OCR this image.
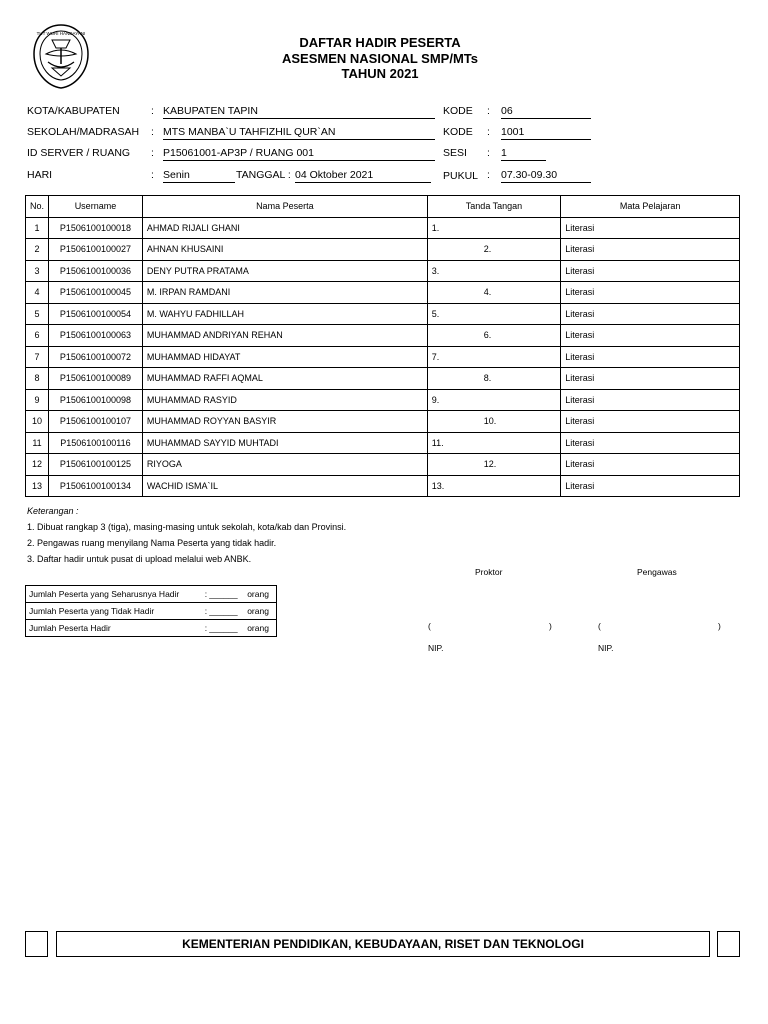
TUT WURI HANDAYANI
DAFTAR HADIR PESERTA
ASESMEN NASIONAL SMP/MTs
TAHUN 2021
KOTA/KABUPATEN	: KABUPATEN TAPIN	KODE : 06
SEKOLAH/MADRASAH : MTS MANBA`U TAHFIZHIL QUR`AN	KODE : 1001
ID SERVER / RUANG : P15061001-AP3P / RUANG 001	SESI : 1
HARI	: Senin	TANGGAL : 04 Oktober 2021	PUKUL : 07.30-09.30
No.	Username	Nama Peserta	Tanda Tangan	Mata Pelajaran
1	P1506100100018	AHMAD RIJALI GHANI	1.	Literasi
2	P1506100100027	AHNAN KHUSAINI	2.	Literasi
3	P1506100100036	DENY PUTRA PRATAMA	3.	Literasi
4	P1506100100045	M. IRPAN RAMDANI	4.	Literasi
5	P1506100100054	M. WAHYU FADHILLAH	5.	Literasi
6	P1506100100063	MUHAMMAD ANDRIYAN REHAN	6.	Literasi
7	P1506100100072	MUHAMMAD HIDAYAT	7.	Literasi
8	P1506100100089	MUHAMMAD RAFFI AQMAL	8.	Literasi
9	P1506100100098	MUHAMMAD RASYID	9.	Literasi
10	P1506100100107	MUHAMMAD ROYYAN BASYIR	10.	Literasi
11	P1506100100116	MUHAMMAD SAYYID MUHTADI	11.	Literasi
12	P1506100100125	RIYOGA	12.	Literasi
13	P1506100100134	WACHID ISMA`IL	13.	Literasi
Keterangan :
1. Dibuat rangkap 3 (tiga), masing-masing untuk sekolah, kota/kab dan Provinsi.
2. Pengawas ruang menyilang Nama Peserta yang tidak hadir.
3. Daftar hadir untuk pusat di upload melalui web ANBK.
Jumlah Peserta yang Seharusnya Hadir	:	______	orang
Jumlah Peserta yang Tidak Hadir	:	______	orang
Jumlah Peserta Hadir	:	______	orang
Proktor	Pengawas
(	)	(	)
NIP.	NIP.
KEMENTERIAN PENDIDIKAN, KEBUDAYAAN, RISET DAN TEKNOLOGI
